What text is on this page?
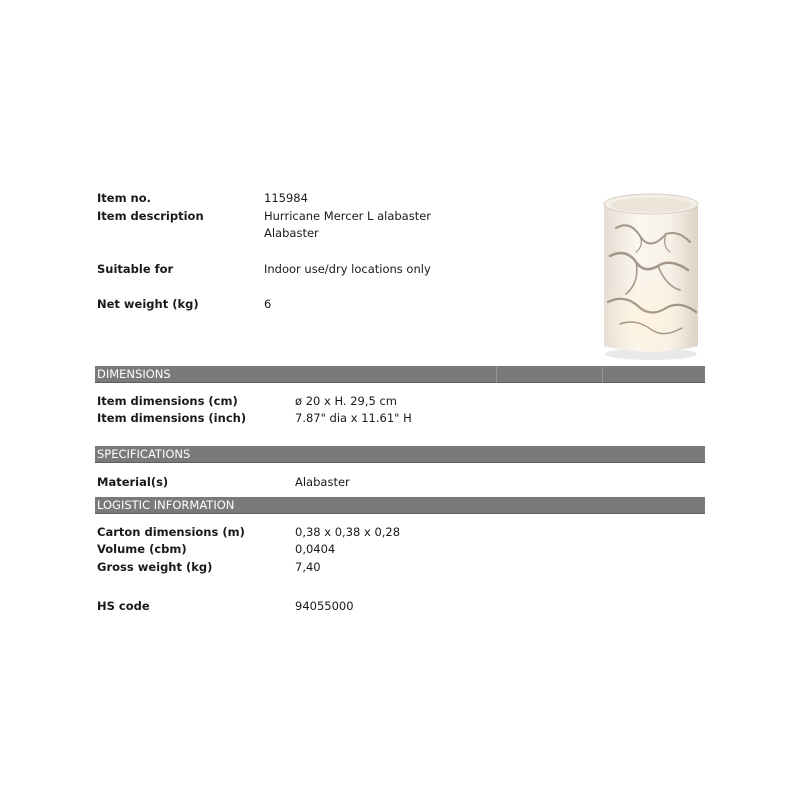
Item no.	115984
Item description	Hurricane Mercer L alabaster
Alabaster
Suitable for	Indoor use/dry locations only
Net weight (kg)	6
DIMENSIONS
Item dimensions (cm)	ø 20 x H. 29,5 cm
Item dimensions (inch)	7.87" dia x 11.61" H
SPECIFICATIONS
Material(s)	Alabaster
LOGISTIC INFORMATION
Carton dimensions (m)	0,38 x 0,38 x 0,28
Volume (cbm)	0,0404
Gross weight (kg)	7,40
HS code	94055000
